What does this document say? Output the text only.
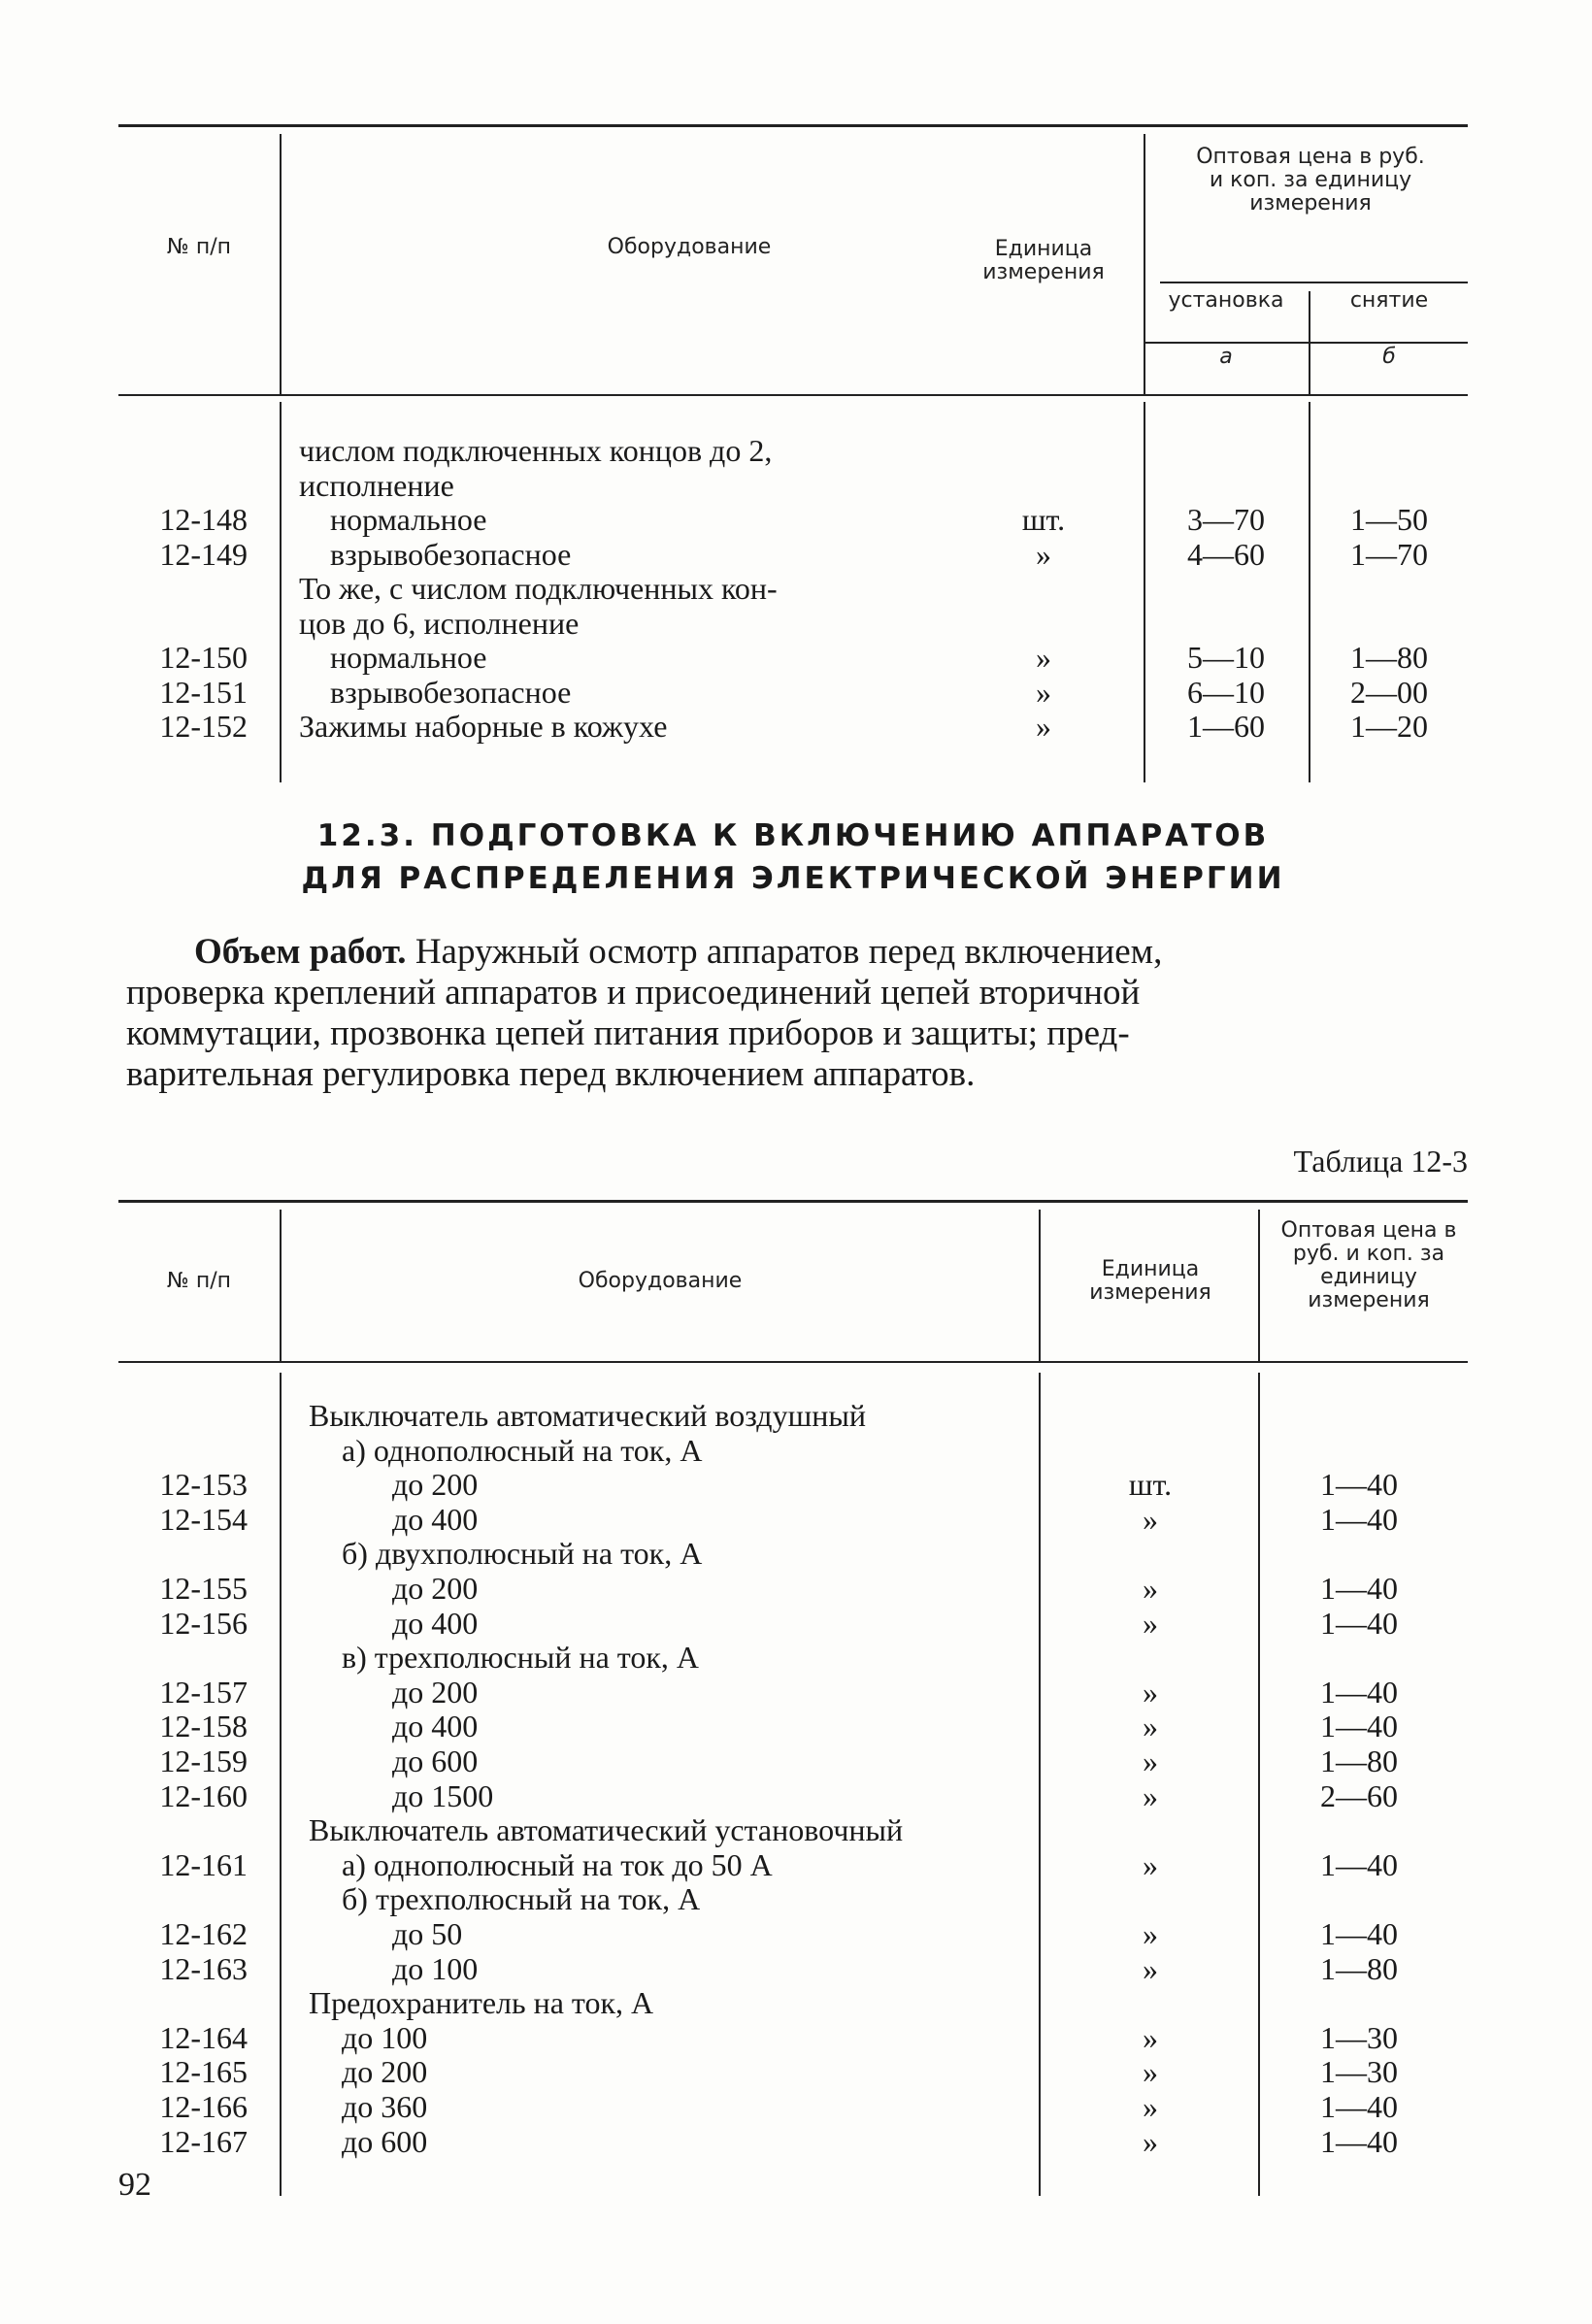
№ п/п	Оборудование	Единица измерения
Оптовая цена в руб. и коп. за единицу измерения
установка	снятие
а	б
числом подключенных концов до 2,
исполнение
12-148	нормальное	шт.	3—70	1—50
12-149	взрывобезопасное	»	4—60	1—70
То же, с числом подключенных кон-
цов до 6, исполнение
12-150	нормальное	»	5—10	1—80
12-151	взрывобезопасное	»	6—10	2—00
12-152 Зажимы наборные в кожухе	»	1—60	1—20
12.3. ПОДГОТОВКА К ВКЛЮЧЕНИЮ АППАРАТОВ
ДЛЯ РАСПРЕДЕЛЕНИЯ ЭЛЕКТРИЧЕСКОЙ ЭНЕРГИИ
Объем работ. Наружный осмотр аппаратов перед включением,
проверка креплений аппаратов и присоединений цепей вторичной
коммутации, прозвонка цепей питания приборов и защиты; пред-
варительная регулировка перед включением аппаратов.
Таблица 12-3
№ п/п	Оборудование	Единица измерения
Оптовая цена в руб. и коп. за единицу измерения
Выключатель автоматический воздушный
а) однополюсный на ток, А
12-153	до 200	шт.	1—40
12-154	до 400	»	1—40
б) двухполюсный на ток, А
12-155	до 200	»	1—40
12-156	до 400	»	1—40
в) трехполюсный на ток, А
12-157	до 200	»	1—40
12-158	до 400	»	1—40
12-159	до 600	»	1—80
12-160	до 1500	»	2—60
Выключатель автоматический установочный
12-161	а) однополюсный на ток до 50 А	»	1—40
б) трехполюсный на ток, А
12-162	до 50	»	1—40
12-163	до 100	»	1—80
Предохранитель на ток, А
12-164	до 100	»	1—30
12-165	до 200	»	1—30
12-166	до 360	»	1—40
12-167	до 600	»	1—40
92
